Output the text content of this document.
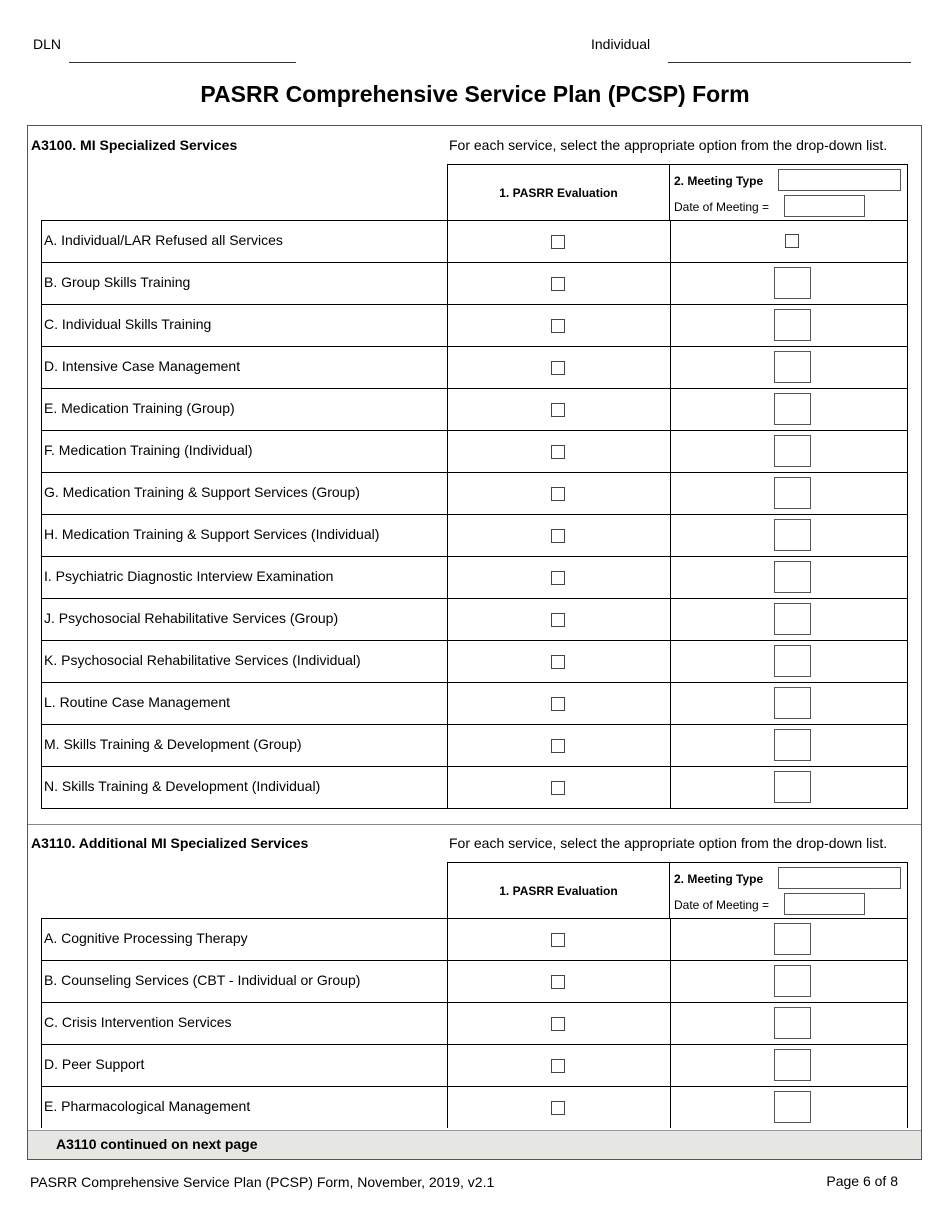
DLN	Individual
PASRR Comprehensive Service Plan (PCSP) Form
A3100. MI Specialized Services	For each service, select the appropriate option from the drop-down list.
1. PASRR Evaluation
2. Meeting Type
Date of Meeting =
A. Individual/LAR Refused all Services
B. Group Skills Training
C. Individual Skills Training
D. Intensive Case Management
E. Medication Training (Group)
F. Medication Training (Individual)
G. Medication Training & Support Services (Group)
H. Medication Training & Support Services (Individual)
I. Psychiatric Diagnostic Interview Examination
J. Psychosocial Rehabilitative Services (Group)
K. Psychosocial Rehabilitative Services (Individual)
L. Routine Case Management
M. Skills Training & Development (Group)
N. Skills Training & Development (Individual)
A3110. Additional MI Specialized Services	For each service, select the appropriate option from the drop-down list.
1. PASRR Evaluation
2. Meeting Type
Date of Meeting =
A. Cognitive Processing Therapy
B. Counseling Services (CBT - Individual or Group)
C. Crisis Intervention Services
D. Peer Support
E. Pharmacological Management
A3110 continued on next page
PASRR Comprehensive Service Plan (PCSP) Form, November, 2019, v2.1	Page 6 of 8
